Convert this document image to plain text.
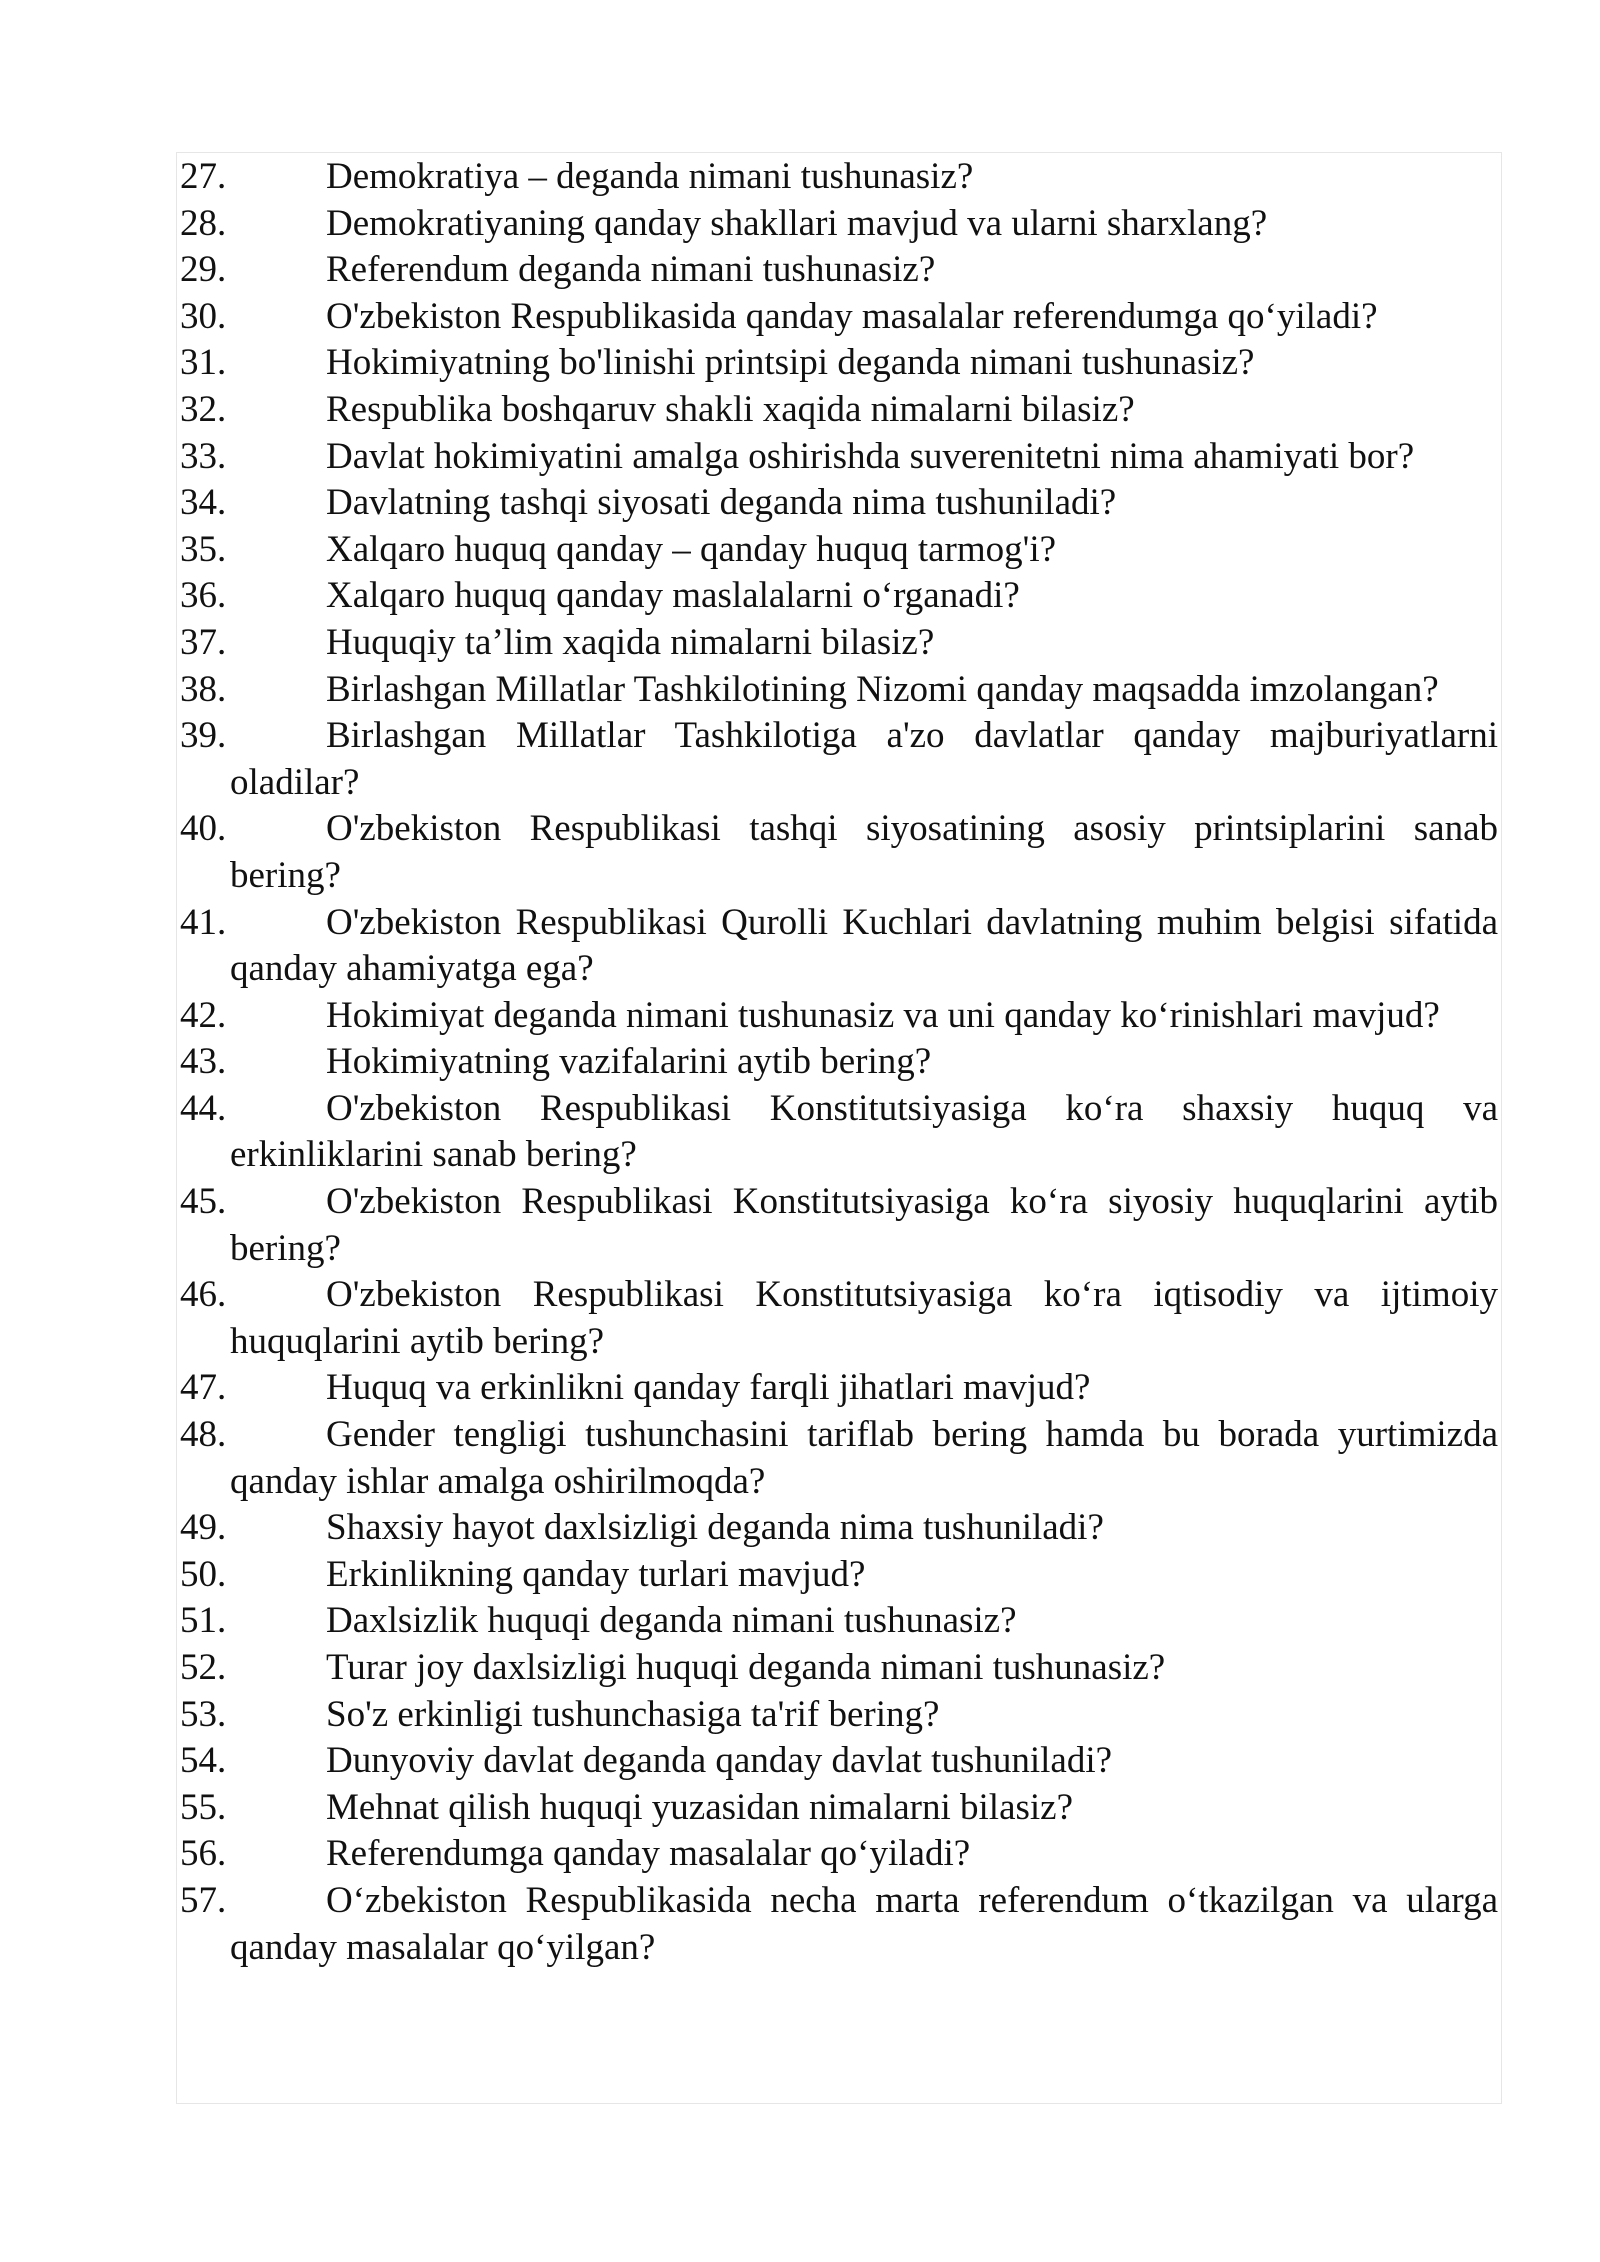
27.	Demokratiya – deganda nimani tushunasiz?
28.	Demokratiyaning qanday shakllari mavjud va ularni sharxlang?
29.	Referendum deganda nimani tushunasiz?
30.	O'zbekiston Respublikasida qanday masalalar referendumga qo‘yiladi?
31.	Hokimiyatning bo'linishi printsipi deganda nimani tushunasiz?
32.	Respublika boshqaruv shakli xaqida nimalarni bilasiz?
33.	Davlat hokimiyatini amalga oshirishda suverenitetni nima ahamiyati bor?
34.	Davlatning tashqi siyosati deganda nima tushuniladi?
35.	Xalqaro huquq qanday – qanday huquq tarmog'i?
36.	Xalqaro huquq qanday maslalalarni o‘rganadi?
37.	Huquqiy ta’lim xaqida nimalarni bilasiz?
38.	Birlashgan Millatlar Tashkilotining Nizomi qanday maqsadda imzolangan?
39.	Birlashgan Millatlar Tashkilotiga a'zo davlatlar qanday majburiyatlarni oladilar?
40.	O'zbekiston Respublikasi tashqi siyosatining asosiy printsiplarini sanab bering?
41.	O'zbekiston Respublikasi Qurolli Kuchlari davlatning muhim belgisi sifatida qanday ahamiyatga ega?
42.	Hokimiyat deganda nimani tushunasiz va uni qanday ko‘rinishlari mavjud?
43.	Hokimiyatning vazifalarini aytib bering?
44.	O'zbekiston Respublikasi Konstitutsiyasiga ko‘ra shaxsiy huquq va erkinliklarini sanab bering?
45.	O'zbekiston Respublikasi Konstitutsiyasiga ko‘ra siyosiy huquqlarini aytib bering?
46.	O'zbekiston Respublikasi Konstitutsiyasiga ko‘ra iqtisodiy va ijtimoiy huquqlarini aytib bering?
47.	Huquq va erkinlikni qanday farqli jihatlari mavjud?
48.	Gender tengligi tushunchasini tariflab bering hamda bu borada yurtimizda qanday ishlar amalga oshirilmoqda?
49.	Shaxsiy hayot daxlsizligi deganda nima tushuniladi?
50.	Erkinlikning qanday turlari mavjud?
51.	Daxlsizlik huquqi deganda nimani tushunasiz?
52.	Turar joy daxlsizligi huquqi deganda nimani tushunasiz?
53.	So'z erkinligi tushunchasiga ta'rif bering?
54.	Dunyoviy davlat deganda qanday davlat tushuniladi?
55.	Mehnat qilish huquqi yuzasidan nimalarni bilasiz?
56.	Referendumga qanday masalalar qo‘yiladi?
57.	O‘zbekiston Respublikasida necha marta referendum o‘tkazilgan va ularga qanday masalalar qo‘yilgan?
